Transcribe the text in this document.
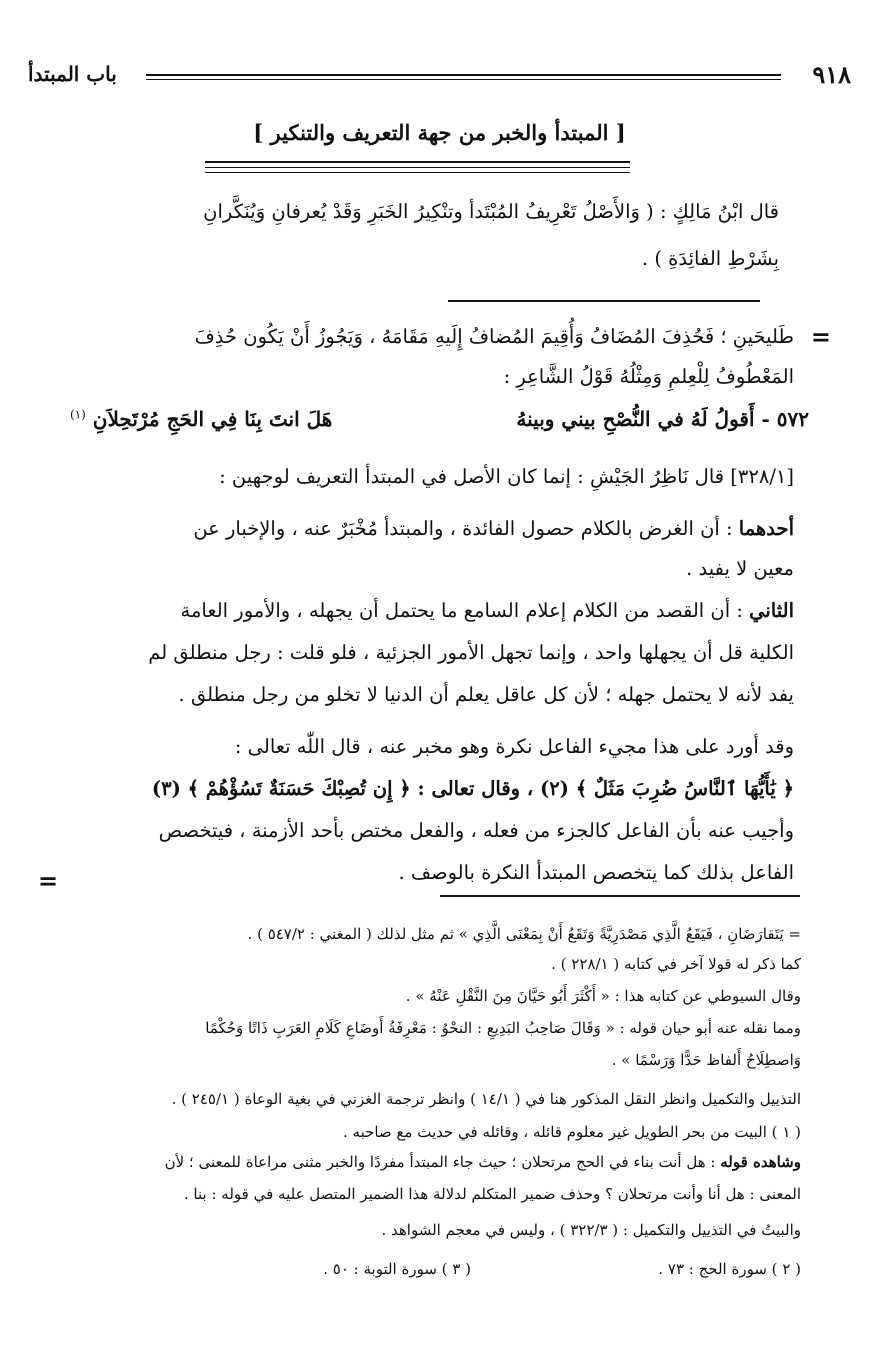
٩١٨
باب المبتدأ
[ المبتدأ والخبر من جهة التعريف والتنكير ]
قال ابْنُ مَالِكٍ : ( وَالأَصْلُ تَعْرِيفُ المُبْتَدأ وتنْكِيرُ الخَبَرِ وَقَدْ يُعرفانِ وَيُنَكَّرانِ
بِشَرْطِ الفائِدَةِ ) .
=
طَليحَينِ ؛ فَحُذِفَ المُضَافُ وَأُقِيمَ المُضافُ إِلَيهِ مَقَامَهُ ، وَيَجُوزُ أَنْ يَكُون حُذِفَ
المَعْطُوفُ لِلْعِلمِ وَمِثْلُهُ قَوْلُ الشَّاعِرِ :
٥٧٢ - أَقولُ لَهُ في النُّصْحِ بيني وبينهُ
هَلَ انتَ بِنَا فِي الحَجِ مُرْتَحِلاَنِ $^{(١)}$
[٣٢٨/١] قال نَاظِرُ الجَيْشِ : إنما كان الأصل في المبتدأ التعريف لوجهين :
أحدهما : أن الغرض بالكلام حصول الفائدة ، والمبتدأ مُخْبَرٌ عنه ، والإخبار عن
معين لا يفيد .
الثاني : أن القصد من الكلام إعلام السامع ما يحتمل أن يجهله ، والأمور العامة
الكلية قل أن يجهلها واحد ، وإنما تجهل الأمور الجزئية ، فلو قلت : رجل منطلق لم
يفد لأنه لا يحتمل جهله ؛ لأن كل عاقل يعلم أن الدنيا لا تخلو من رجل منطلق .
وقد أورد على هذا مجيء الفاعل نكرة وهو مخبر عنه ، قال اللّٰه تعالى :
﴿ يَٰأَيُّهَا ٱلنَّاسُ ضُرِبَ مَثَلٌ ﴾ (٢) ، وقال تعالى : ﴿ إِن تُصِبْكَ حَسَنَةٌ تَسُؤْهُمْ ﴾ (٣)
وأجيب عنه بأن الفاعل كالجزء من فعله ، والفعل مختص بأحد الأزمنة ، فيتخصص
الفاعل بذلك كما يتخصص المبتدأ النكرة بالوصف .
=
= يَتَقارَضَانِ ، فَيَقَعُ الَّذِي مَصْدَرِيَّةً وَتَقَعُ أَنْ بِمَعْنَى الَّذِي » ثم مثل لذلك ( المغني : ٥٤٧/٢ ) .
كما ذكر له قولا آخر في كتابه ( ٢٢٨/١ ) .
وقال السيوطي عن كتابه هذا : « أَكْثَرَ أَبُو حَيَّانَ مِنَ النَّقْلِ عَنْهُ » .
ومما نقله عنه أبو حيان قوله : « وَقَالَ صَاحِبُ البَدِيعِ : النحْوُ : مَعْرِفَةُ أَوضَاعِ كَلَامِ العَرَبِ ذَاتًا وَحُكْمًا
وَاصطِلَاحُ أَلفاظ حَدًّا وَرَسْمًا » .
التذييل والتكميل وانظر النقل المذكور هنا في ( ١٤/١ ) وانظر ترجمة الغزني في بغية الوعاة ( ٢٤٥/١ ) .
( ١ ) البيت من بحر الطويل غير معلوم قائله ، وقائله في حديث مع صاحبه .
وشاهده قوله : هل أنت بناء في الحج مرتحلان ؛ حيث جاء المبتدأ مفردًا والخبر مثنى مراعاة للمعنى ؛ لأن
المعنى : هل أنا وأنت مرتحلان ؟ وحذف ضمير المتكلم لدلالة هذا الضمير المتصل عليه في قوله : بنا .
والبيتُ في التذييل والتكميل : ( ٣٢٢/٣ ) ، وليس في معجم الشواهد .
( ٢ ) سورة الحج : ٧٣ .
( ٣ ) سورة التوبة : ٥٠ .
